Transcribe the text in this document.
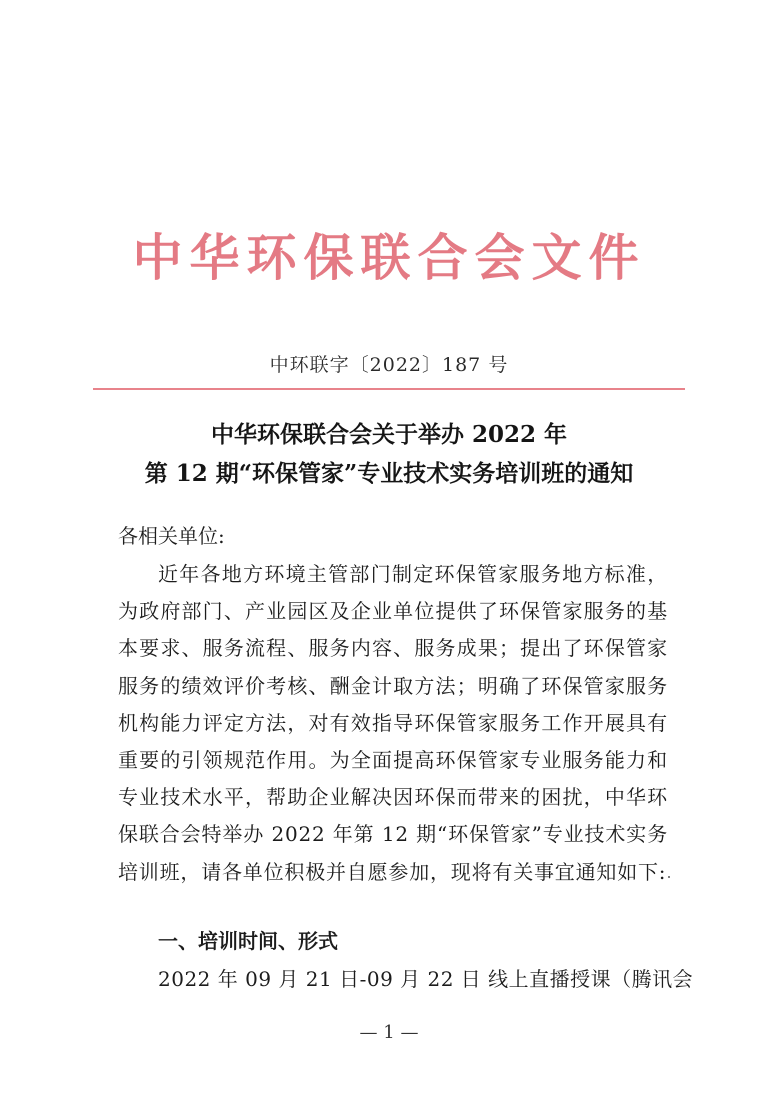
中华环保联合会文件
中环联字〔2022〕187 号
中华环保联合会关于举办 2022 年
第 12 期“环保管家”专业技术实务培训班的通知
各相关单位:
近年各地方环境主管部门制定环保管家服务地方标准，为政府部门、产业园区及企业单位提供了环保管家服务的基本要求、服务流程、服务内容、服务成果；提出了环保管家服务的绩效评价考核、酬金计取方法；明确了环保管家服务机构能力评定方法，对有效指导环保管家服务工作开展具有重要的引领规范作用。为全面提高环保管家专业服务能力和专业技术水平，帮助企业解决因环保而带来的困扰，中华环保联合会特举办 2022 年第 12 期“环保管家”专业技术实务培训班，请各单位积极并自愿参加，现将有关事宜通知如下:
一、培训时间、形式
2022 年 09 月 21 日-09 月 22 日 线上直播授课（腾讯会
— 1 —
